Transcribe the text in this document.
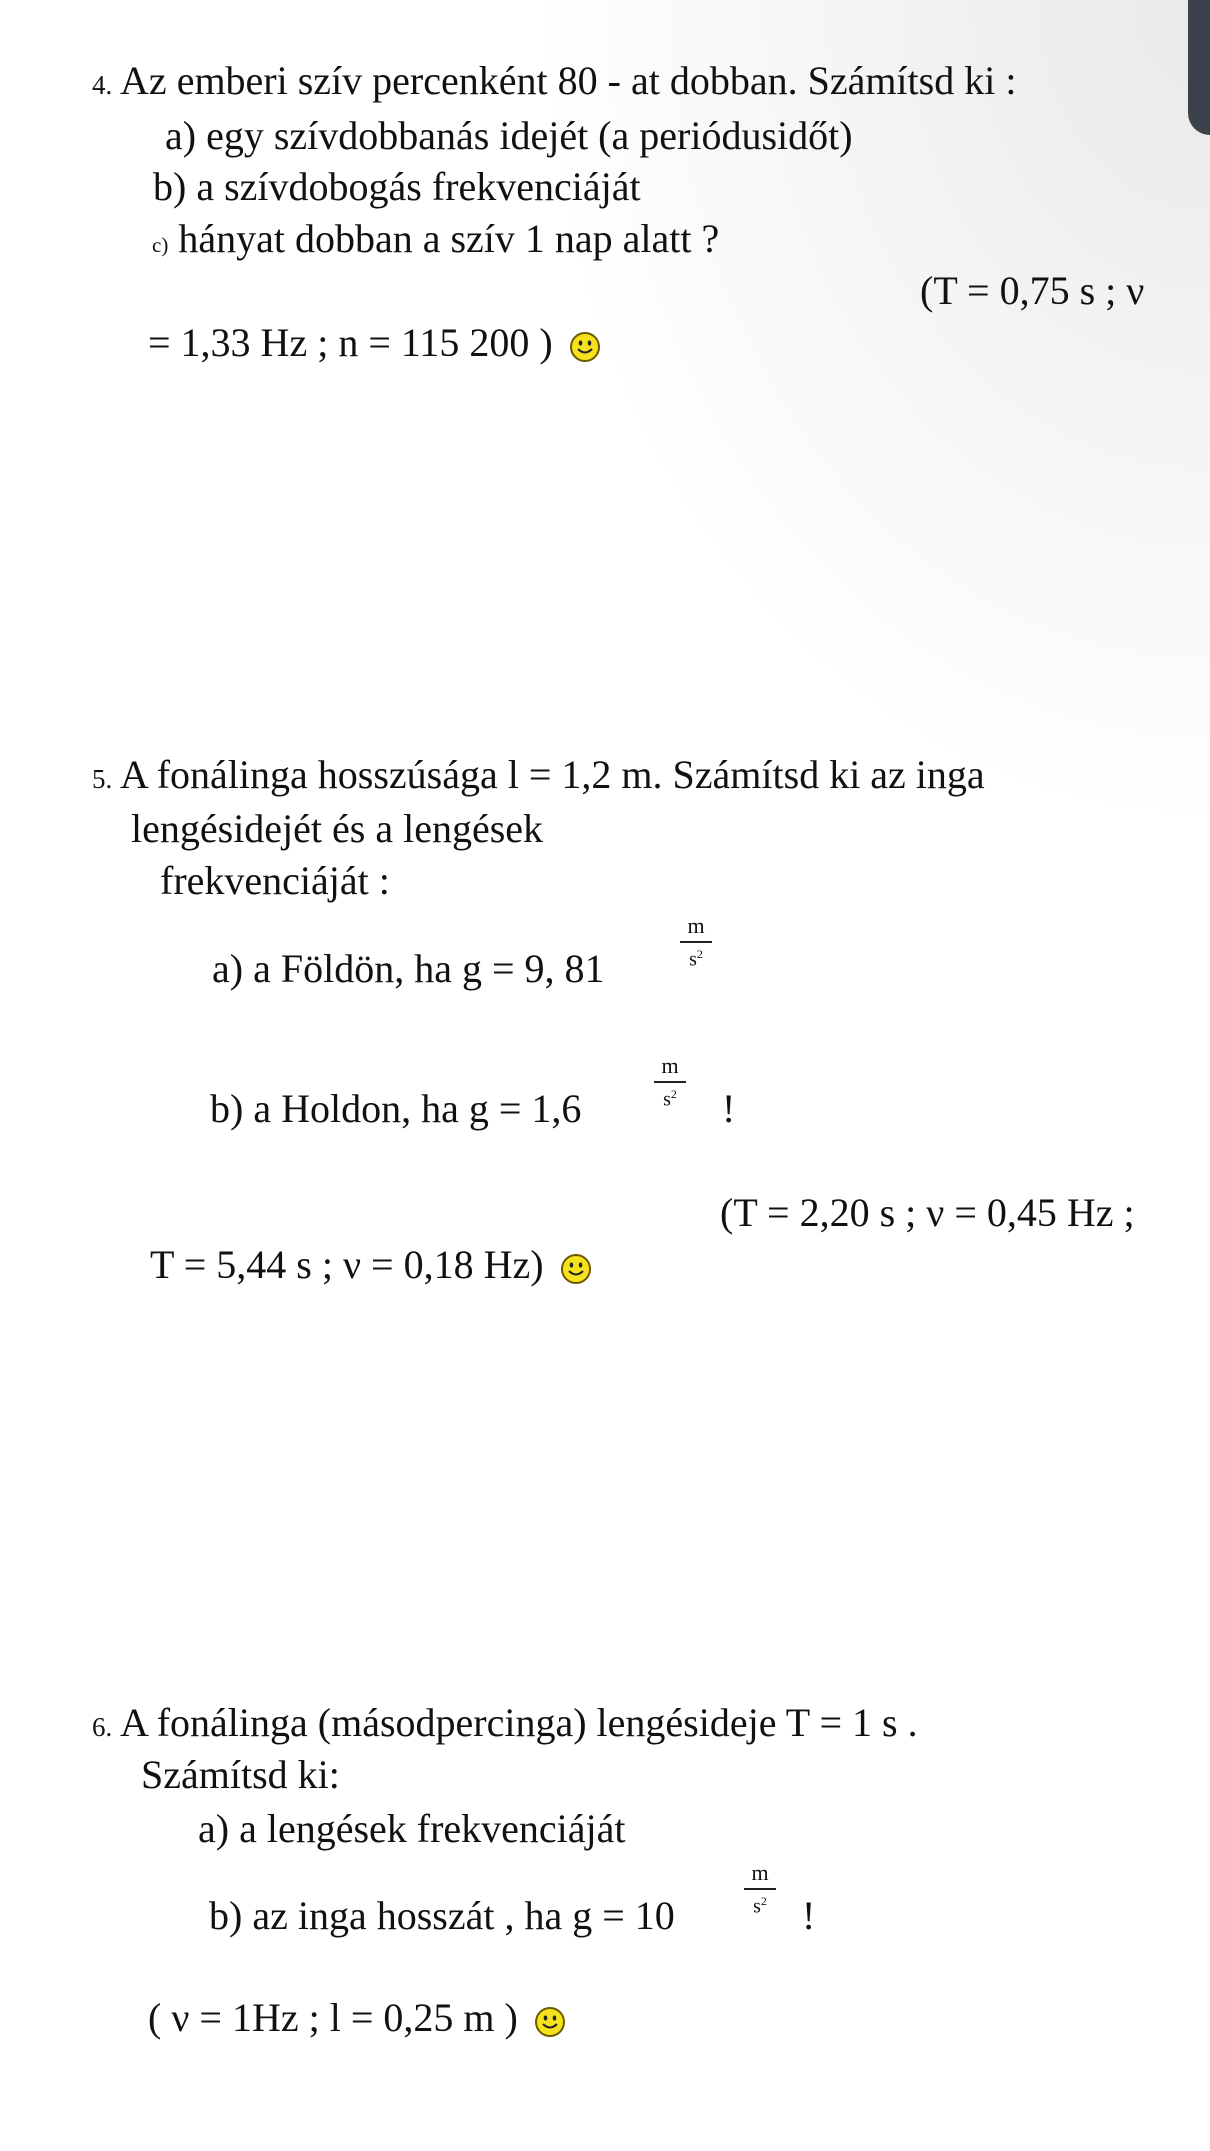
4. Az emberi szív percenként 80 - at dobban. Számítsd ki :
a) egy szívdobbanás idejét (a periódusidőt)
b) a szívdobogás frekvenciáját
c) hányat dobban a szív 1 nap alatt ?
(T = 0,75 s ; ν
= 1,33 Hz ; n = 115 200 )
5. A fonálinga hosszúsága l = 1,2 m. Számítsd ki az inga
lengésidejét és a lengések
frekvenciáját :
a) a Földön, ha g = 9, 81
m
$s^2$
b) a Holdon, ha g = 1,6
m
$s^2$ !
(T = 2,20 s ; ν = 0,45 Hz ;
T = 5,44 s ; ν = 0,18 Hz)
6. A fonálinga (másodpercinga) lengésideje T = 1 s .
Számítsd ki:
a) a lengések frekvenciáját
b) az inga hosszát , ha g = 10
m
$s^2$ !
( ν = 1Hz ; l = 0,25 m )
